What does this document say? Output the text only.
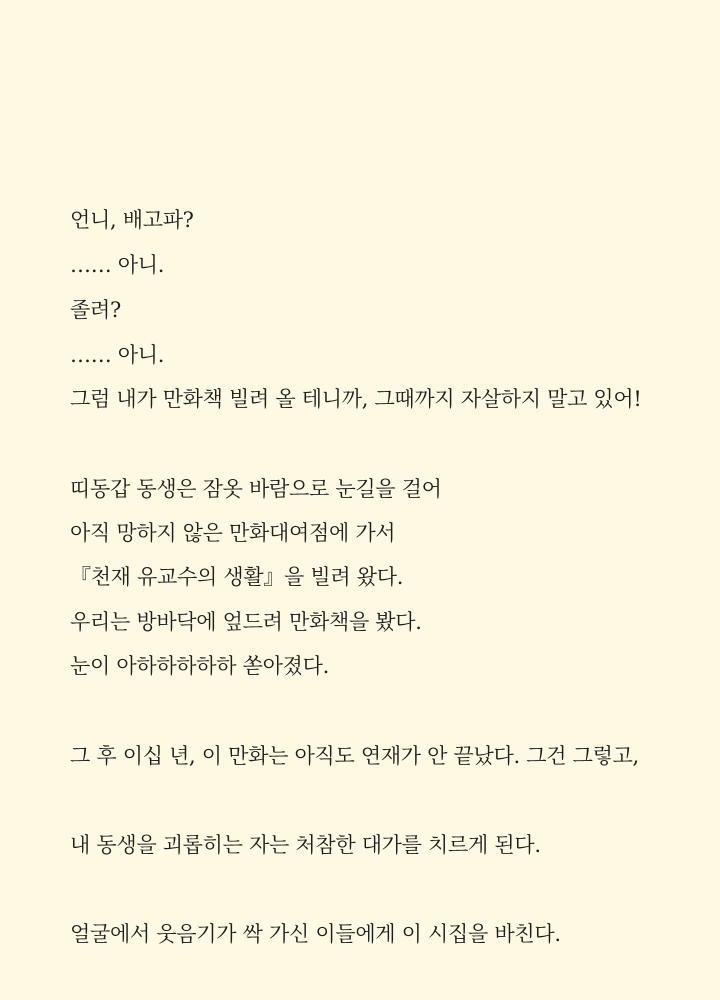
언니, 배고파?
…… 아니.
졸려?
…… 아니.
그럼 내가 만화책 빌려 올 테니까, 그때까지 자살하지 말고 있어!
띠동갑 동생은 잠옷 바람으로 눈길을 걸어
아직 망하지 않은 만화대여점에 가서
『천재 유교수의 생활』을 빌려 왔다.
우리는 방바닥에 엎드려 만화책을 봤다.
눈이 아하하하하하 쏟아졌다.
그 후 이십 년, 이 만화는 아직도 연재가 안 끝났다. 그건 그렇고,
내 동생을 괴롭히는 자는 처참한 대가를 치르게 된다.
얼굴에서 웃음기가 싹 가신 이들에게 이 시집을 바친다.
